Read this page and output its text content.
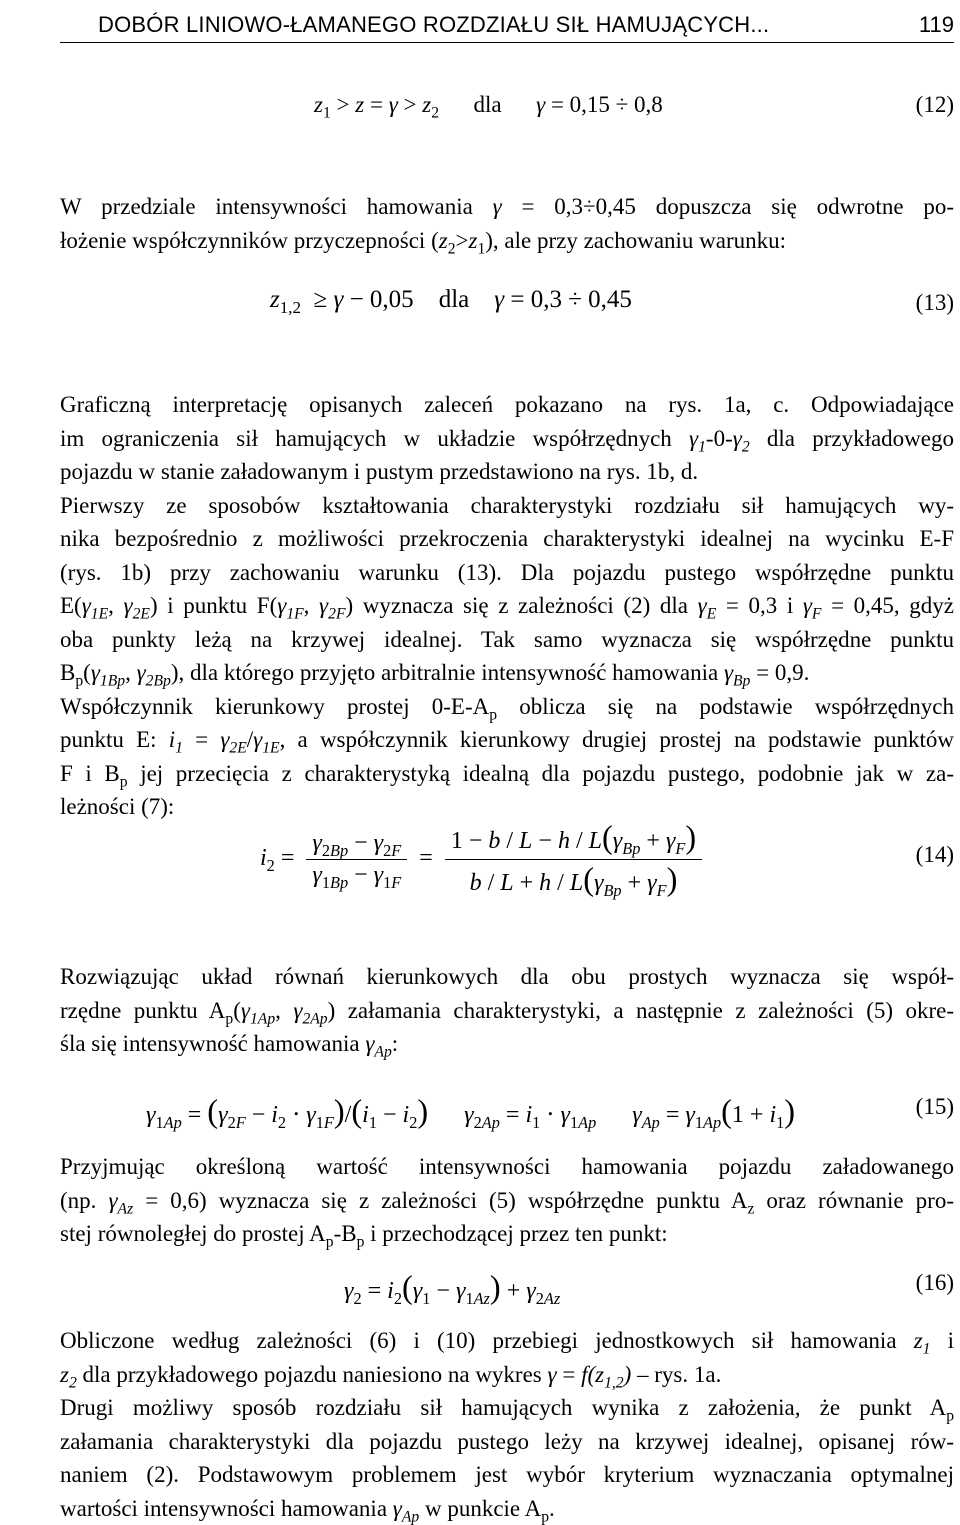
DOBÓR LINIOWO-ŁAMANEGO ROZDZIAŁU SIŁ HAMUJĄCYCH...	119
$z_1 > z = \gamma > z_2$ dla γ = 0,15 ÷ 0,8	(12)
W przedziale intensywności hamowania γ = 0,3÷0,45 dopuszcza się odwrotne po-
łożenie współczynników przyczepności $(z_2>z_1)$, ale przy zachowaniu warunku:
$z_{1,2} \ge \gamma - 0,05$    dla γ = 0,3 ÷ 0,45	(13)
Graficzną interpretację opisanych zaleceń pokazano na rys. 1a, c. Odpowiadające
im ograniczenia sił hamujących w układzie współrzędnych $\gamma_1-0-\gamma_2$ dla przykładowego
pojazdu w stanie załadowanym i pustym przedstawiono na rys. 1b, d.
Pierwszy ze sposobów kształtowania charakterystyki rozdziału sił hamujących wy-
nika bezpośrednio z możliwości przekroczenia charakterystyki idealnej na wycinku E-F
(rys. 1b) przy zachowaniu warunku (13). Dla pojazdu pustego współrzędne punktu
$E(\gamma_{1E}$, $\gamma_{2E}$) i punktu $F(\gamma_{1F}$, $\gamma_{2F}$) wyznacza się z zależności (2) dla $\gamma_E = 0,3$ i $\gamma_F = 0,45$, gdyż
oba punkty leżą na krzywej idealnej. Tak samo wyznacza się współrzędne punktu
$B_p(\gamma_{1Bp}$, $\gamma_{2Bp}$), dla którego przyjęto arbitralnie intensywność hamowania $\gamma_{Bp} = 0,9$.
Współczynnik kierunkowy prostej $0-E-A_p$ oblicza się na podstawie współrzędnych
punktu E: $i_1 = \gamma_{2E}/\gamma_{1E}$, a współczynnik kierunkowy drugiej prostej na podstawie punktów
F i $B_p$ jej przecięcia z charakterystyką idealną dla pojazdu pustego, podobnie jak w za-
leżności (7):
$i_2 = \frac{\gamma_{2Bp} - \gamma_{2F}}{\gamma_{1Bp} - \gamma_{1F}} = \frac{1 - b / L - h / L(\gamma_{Bp} + \gamma_F)}{b / L + h / L(\gamma_{Bp} + \gamma_F)}$	(14)
Rozwiązując układ równań kierunkowych dla obu prostych wyznacza się współ-
rzędne punktu $A_p(\gamma_{1Ap}$, $\gamma_{2Ap}$) załamania charakterystyki, a następnie z zależności (5) okre-
śla się intensywność hamowania $\gamma_{Ap}$:
$\gamma_{1Ap} = (\gamma_{2F} - i_2 \cdot \gamma_{1F})/(i_1 - i_2) \gamma_{2Ap} = i_1 \cdot \gamma_{1Ap}$ $\gamma_{Ap} = \gamma_{1Ap}(1 + i_1)$	(15)
Przyjmując określoną wartość intensywności hamowania pojazdu załadowanego
(np. $\gamma_{Az} = 0,6$) wyznacza się z zależności (5) współrzędne punktu $A_z$ oraz równanie pro-
stej równoległej do prostej $A_p-B_p$ i przechodzącej przez ten punkt:
$\gamma_2 = i_2(\gamma_1 - \gamma_{1Az}) + \gamma_{2Az}$
(16)
Obliczone według zależności (6) i (10) przebiegi jednostkowych sił hamowania $z_1$ i
$z_2$ dla przykładowego pojazdu naniesiono na wykres $\gamma = f(z_{1,2})$ – rys. 1a.
Drugi możliwy sposób rozdziału sił hamujących wynika z założenia, że punkt $A_p$
załamania charakterystyki dla pojazdu pustego leży na krzywej idealnej, opisanej rów-
naniem (2). Podstawowym problemem jest wybór kryterium wyznaczania optymalnej
wartości intensywności hamowania $\gamma_{Ap}$ w punkcie $A_p$.
